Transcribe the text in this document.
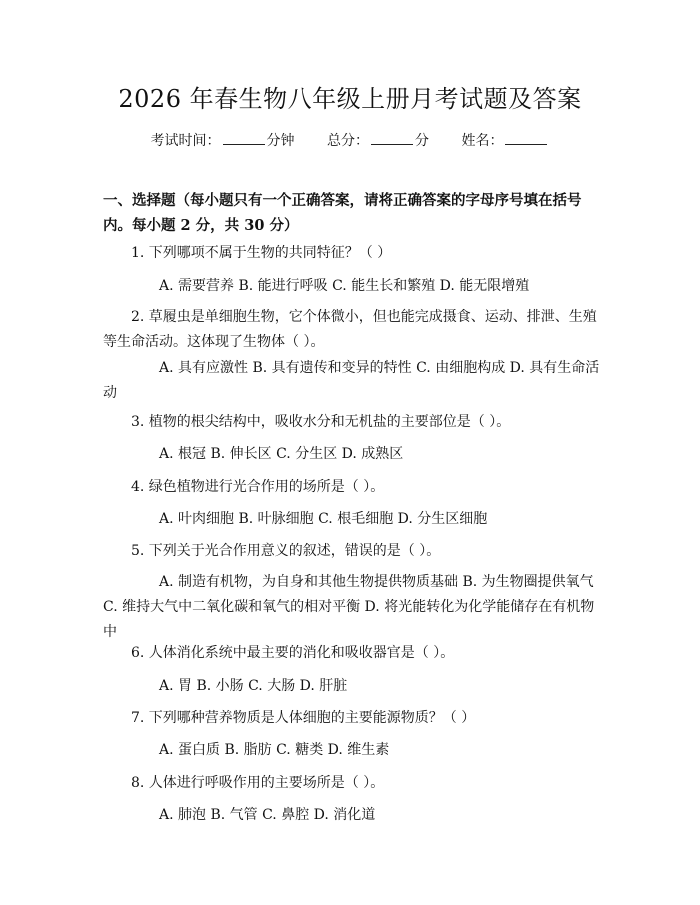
2026 年春生物八年级上册月考试题及答案
考试时间：	分钟 总分：	分 姓名：
一、选择题（每小题只有一个正确答案，请将正确答案的字母序号填在括号内。每小题 2 分，共 30 分）
1. 下列哪项不属于生物的共同特征？（ ）
A. 需要营养 B. 能进行呼吸 C. 能生长和繁殖 D. 能无限增殖
2. 草履虫是单细胞生物，它个体微小，但也能完成摄食、运动、排泄、生殖等生命活动。这体现了生物体（ ）。
A. 具有应激性 B. 具有遗传和变异的特性 C. 由细胞构成 D. 具有生命活动
3. 植物的根尖结构中，吸收水分和无机盐的主要部位是（ ）。
A. 根冠 B. 伸长区 C. 分生区 D. 成熟区
4. 绿色植物进行光合作用的场所是（ ）。
A. 叶肉细胞 B. 叶脉细胞 C. 根毛细胞 D. 分生区细胞
5. 下列关于光合作用意义的叙述，错误的是（ ）。
A. 制造有机物，为自身和其他生物提供物质基础 B. 为生物圈提供氧气 C. 维持大气中二氧化碳和氧气的相对平衡 D. 将光能转化为化学能储存在有机物中
6. 人体消化系统中最主要的消化和吸收器官是（ ）。
A. 胃 B. 小肠 C. 大肠 D. 肝脏
7. 下列哪种营养物质是人体细胞的主要能源物质？（ ）
A. 蛋白质 B. 脂肪 C. 糖类 D. 维生素
8. 人体进行呼吸作用的主要场所是（ ）。
A. 肺泡 B. 气管 C. 鼻腔 D. 消化道
